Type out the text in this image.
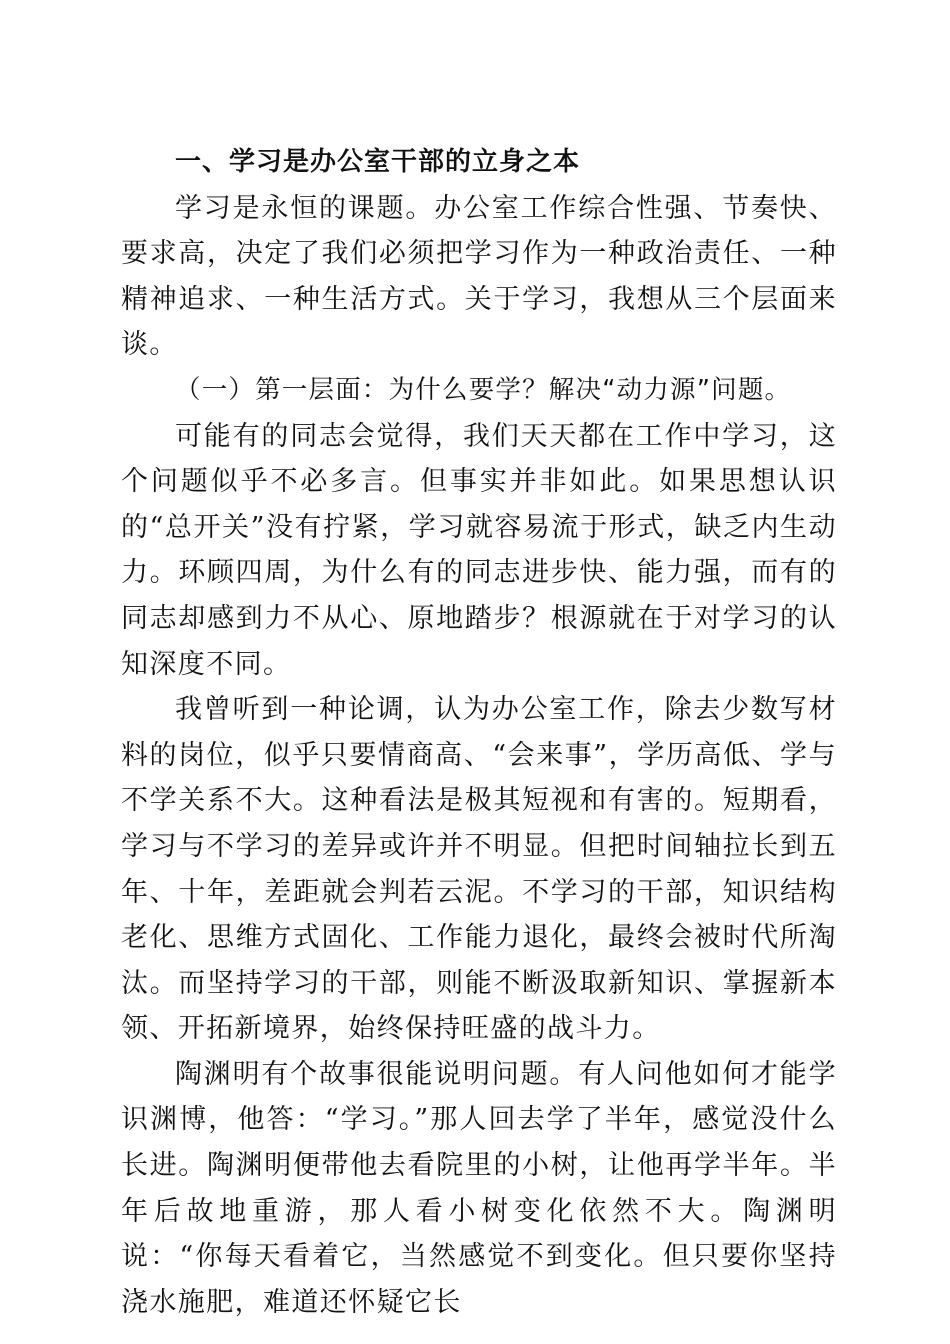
一、学习是办公室干部的立身之本

学习是永恒的课题。办公室工作综合性强、节奏快、要求高，决定了我们必须把学习作为一种政治责任、一种精神追求、一种生活方式。关于学习，我想从三个层面来谈。

（一）第一层面：为什么要学？解决“动力源”问题。

可能有的同志会觉得，我们天天都在工作中学习，这个问题似乎不必多言。但事实并非如此。如果思想认识的“总开关”没有拧紧，学习就容易流于形式，缺乏内生动力。环顾四周，为什么有的同志进步快、能力强，而有的同志却感到力不从心、原地踏步？根源就在于对学习的认知深度不同。

我曾听到一种论调，认为办公室工作，除去少数写材料的岗位，似乎只要情商高、“会来事”，学历高低、学与不学关系不大。这种看法是极其短视和有害的。短期看，学习与不学习的差异或许并不明显。但把时间轴拉长到五年、十年，差距就会判若云泥。不学习的干部，知识结构老化、思维方式固化、工作能力退化，最终会被时代所淘汰。而坚持学习的干部，则能不断汲取新知识、掌握新本领、开拓新境界，始终保持旺盛的战斗力。

陶渊明有个故事很能说明问题。有人问他如何才能学识渊博，他答：“学习。”那人回去学了半年，感觉没什么长进。陶渊明便带他去看院里的小树，让他再学半年。半年后故地重游，那人看小树变化依然不大。陶渊明说：“你每天看着它，当然感觉不到变化。但只要你坚持浇水施肥，难道还怀疑它长
